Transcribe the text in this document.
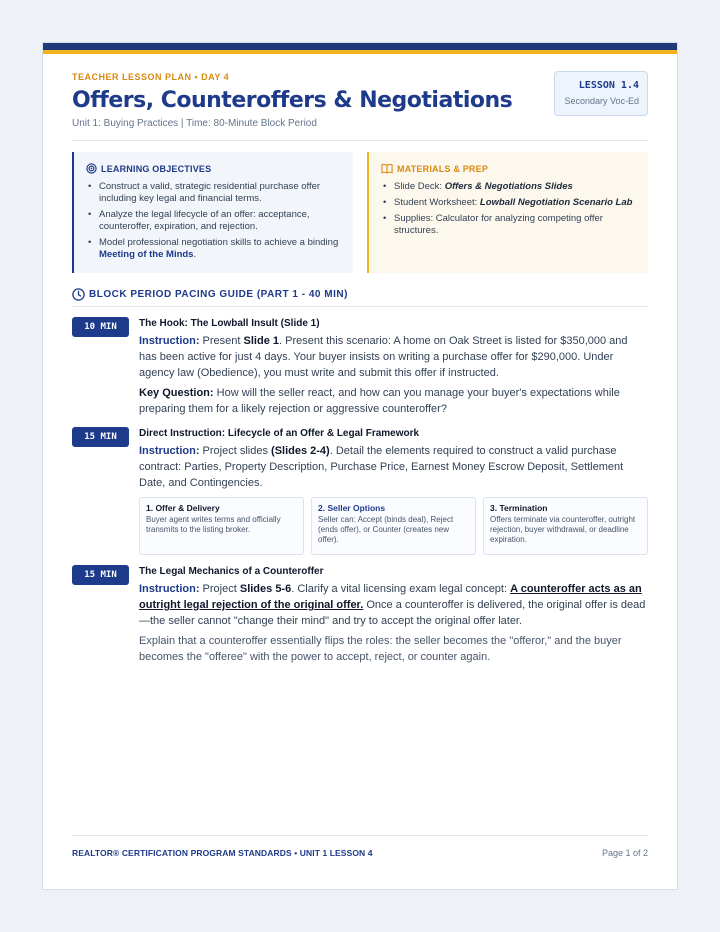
TEACHER LESSON PLAN • DAY 4
Offers, Counteroffers & Negotiations
Unit 1: Buying Practices | Time: 80-Minute Block Period
LESSON 1.4
Secondary Voc-Ed
LEARNING OBJECTIVES
• Construct a valid, strategic residential purchase offer including key legal and financial terms.
• Analyze the legal lifecycle of an offer: acceptance, counteroffer, expiration, and rejection.
• Model professional negotiation skills to achieve a binding Meeting of the Minds.
MATERIALS & PREP
• Slide Deck: Offers & Negotiations Slides
• Student Worksheet: Lowball Negotiation Scenario Lab
• Supplies: Calculator for analyzing competing offer structures.
BLOCK PERIOD PACING GUIDE (PART 1 - 40 MIN)
10 MIN	The Hook: The Lowball Insult (Slide 1)

Instruction: Present Slide 1. Present this scenario: A home on Oak Street is listed for $350,000 and has been active for just 4 days. Your buyer insists on writing a purchase offer for $290,000. Under agency law (Obedience), you must write and submit this offer if instructed.

Key Question: How will the seller react, and how can you manage your buyer's expectations while preparing them for a likely rejection or aggressive counteroffer?

15 MIN	Direct Instruction: Lifecycle of an Offer & Legal Framework

Instruction: Project slides (Slides 2-4). Detail the elements required to construct a valid purchase contract: Parties, Property Description, Purchase Price, Earnest Money Escrow Deposit, Settlement Date, and Contingencies.

1. Offer & Delivery

Buyer agent writes terms and officially transmits to the listing broker.

2. Seller Options

Seller can: Accept (binds deal), Reject (ends offer), or Counter (creates new offer).

3. Termination

Offers terminate via counteroffer, outright rejection, buyer withdrawal, or deadline expiration.

15 MIN	The Legal Mechanics of a Counteroffer

Instruction: Project Slides 5-6. Clarify a vital licensing exam legal concept: A counteroffer acts as an outright legal rejection of the original offer. Once a counteroffer is delivered, the original offer is dead—the seller cannot "change their mind" and try to accept the original offer later.

Explain that a counteroffer essentially flips the roles: the seller becomes the "offeror," and the buyer becomes the "offeree" with the power to accept, reject, or counter again.

REALTOR® CERTIFICATION PROGRAM STANDARDS • UNIT 1 LESSON 4	Page 1 of 2
